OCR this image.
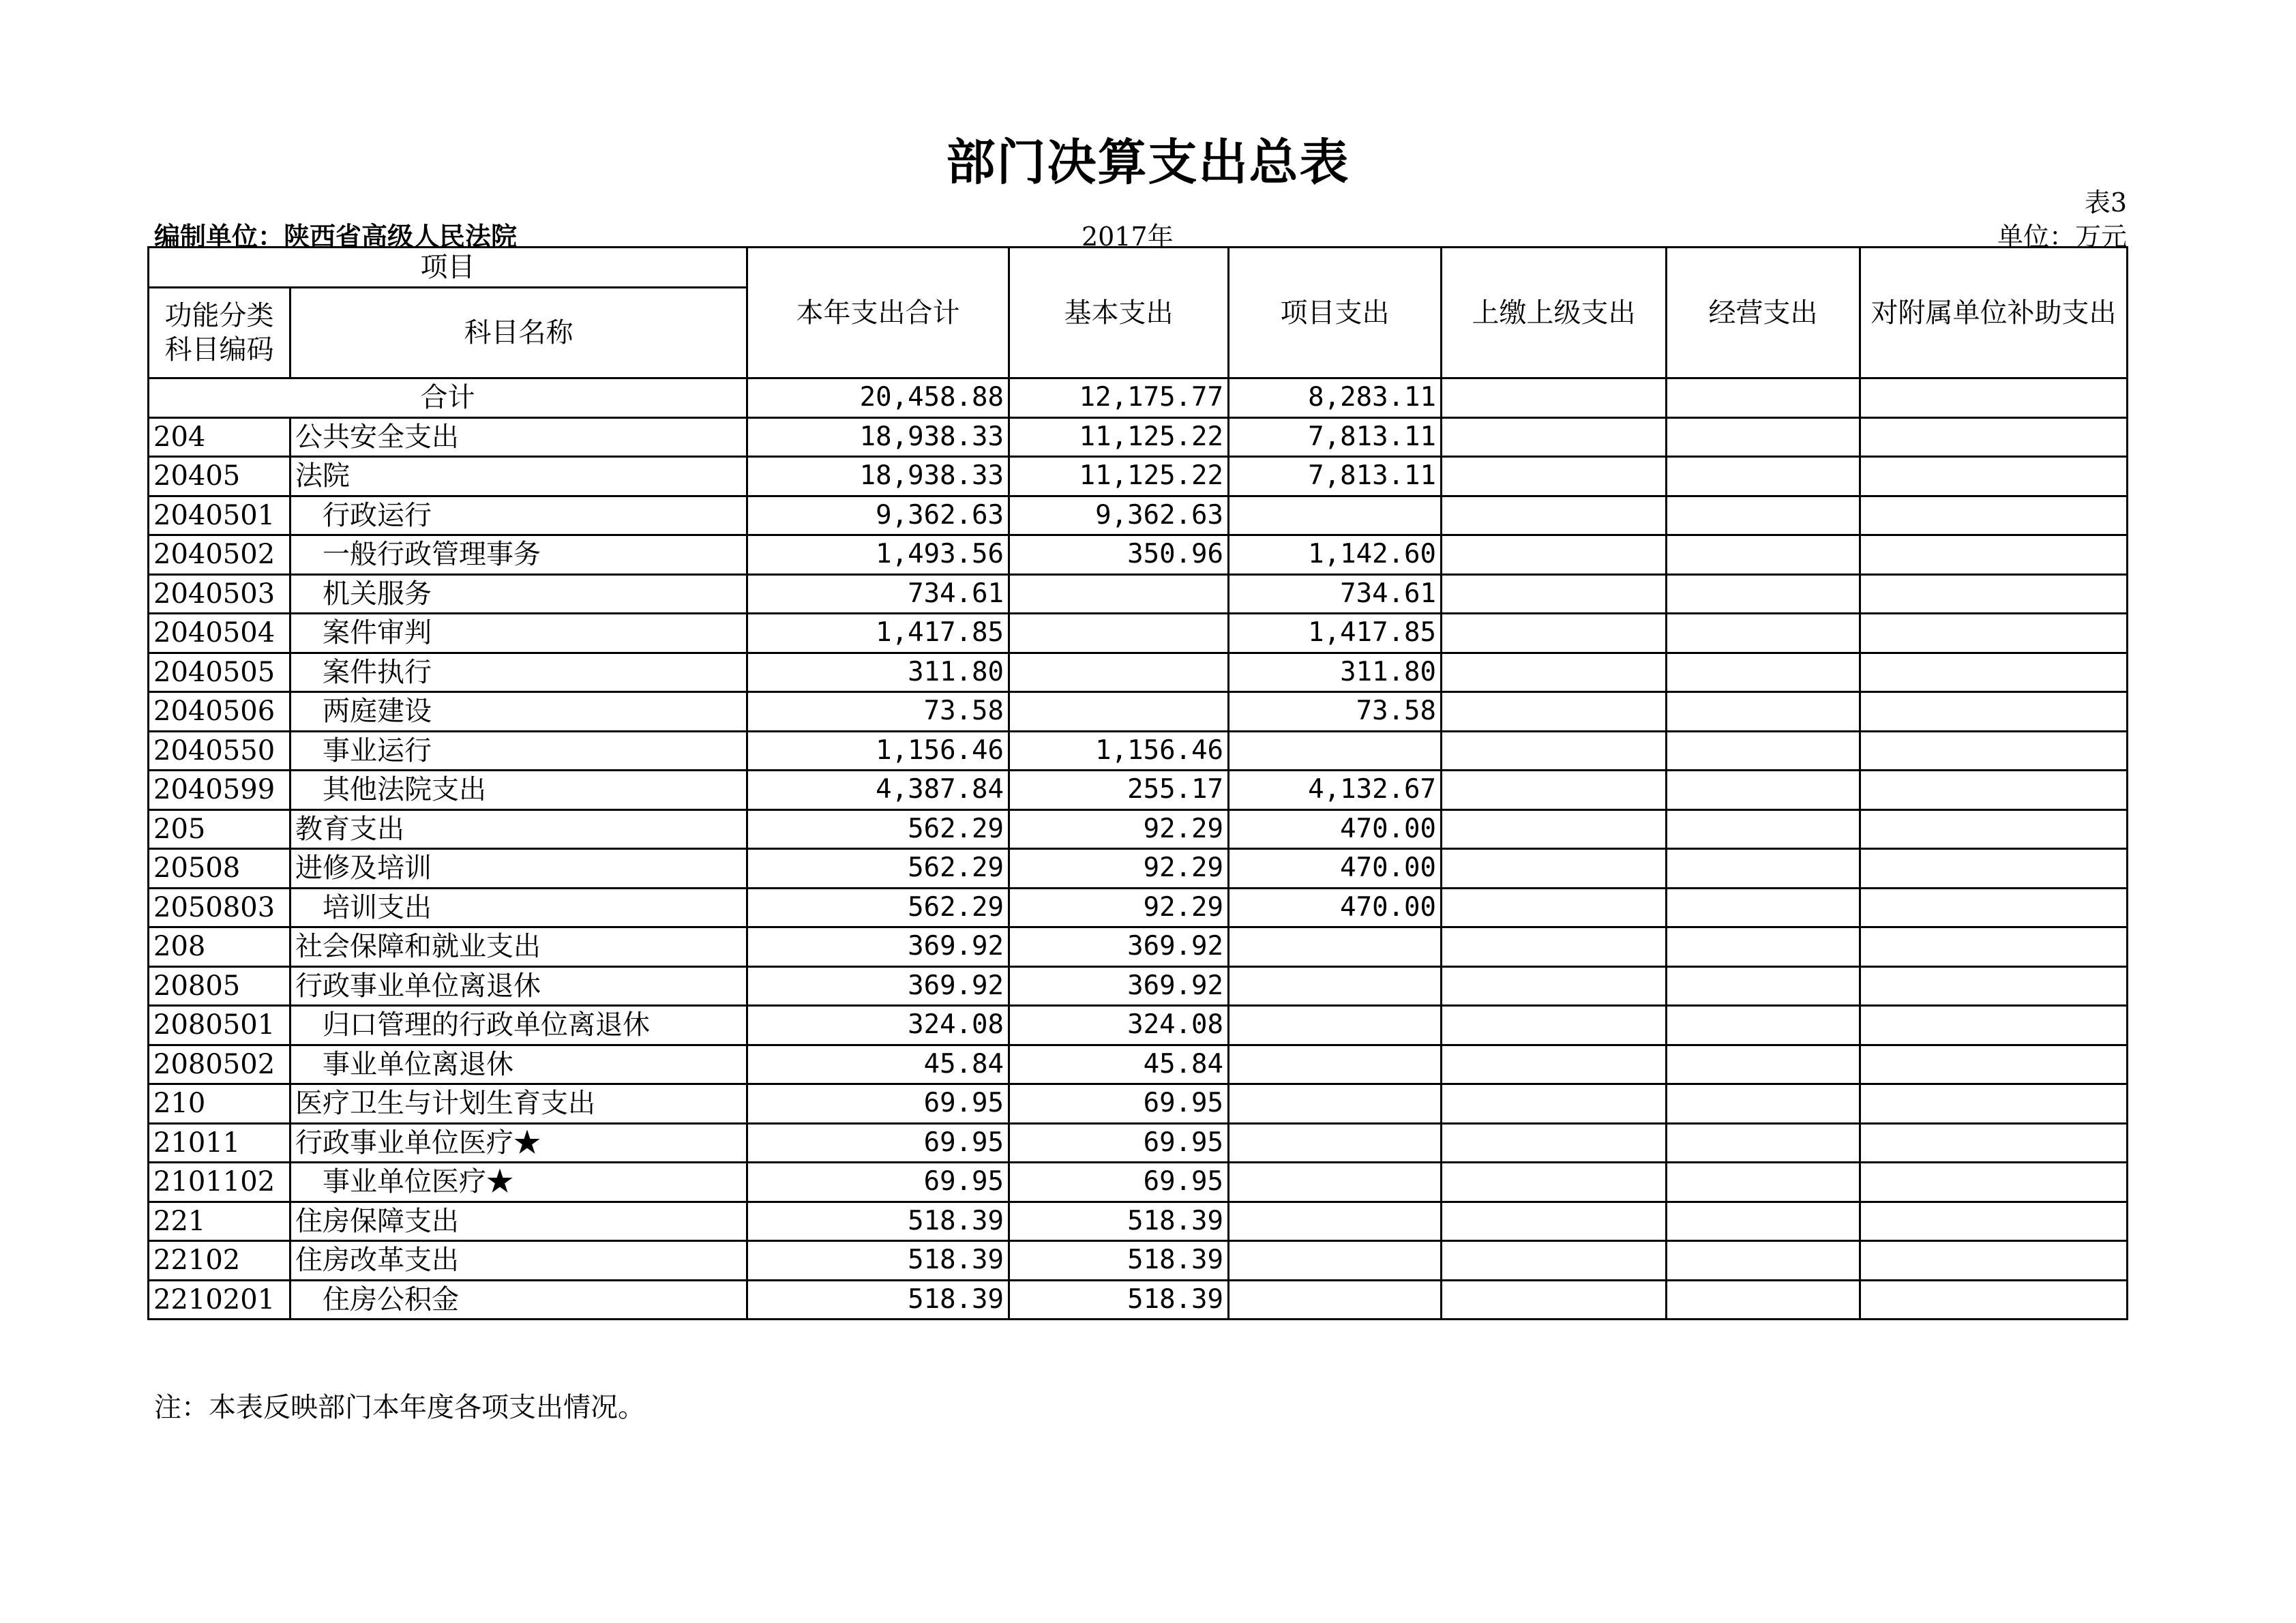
部门决算支出总表
表3
编制单位：陕西省高级人民法院	2017年	单位：万元
项目		本年支出合计	基本支出	项目支出	上缴上级支出	经营支出	对附属单位补助支出
功能分类科目编码	科目名称						
合计		20,458.88	12,175.77	8,283.11			
204	公共安全支出	18,938.33	11,125.22	7,813.11			
20405	法院	18,938.33	11,125.22	7,813.11			
2040501	行政运行	9,362.63	9,362.63				
2040502	一般行政管理事务	1,493.56	350.96	1,142.60			
2040503	机关服务	734.61		734.61			
2040504	案件审判	1,417.85		1,417.85			
2040505	案件执行	311.80		311.80			
2040506	两庭建设	73.58		73.58			
2040550	事业运行	1,156.46	1,156.46				
2040599	其他法院支出	4,387.84	255.17	4,132.67			
205	教育支出	562.29	92.29	470.00			
20508	进修及培训	562.29	92.29	470.00			
2050803	培训支出	562.29	92.29	470.00			
208	社会保障和就业支出	369.92	369.92				
20805	行政事业单位离退休	369.92	369.92				
2080501	归口管理的行政单位离退休	324.08	324.08				
2080502	事业单位离退休	45.84	45.84				
210	医疗卫生与计划生育支出	69.95	69.95				
21011	行政事业单位医疗★	69.95	69.95				
2101102	事业单位医疗★	69.95	69.95				
221	住房保障支出	518.39	518.39				
22102	住房改革支出	518.39	518.39				
2210201	住房公积金	518.39	518.39				
注：本表反映部门本年度各项支出情况。
